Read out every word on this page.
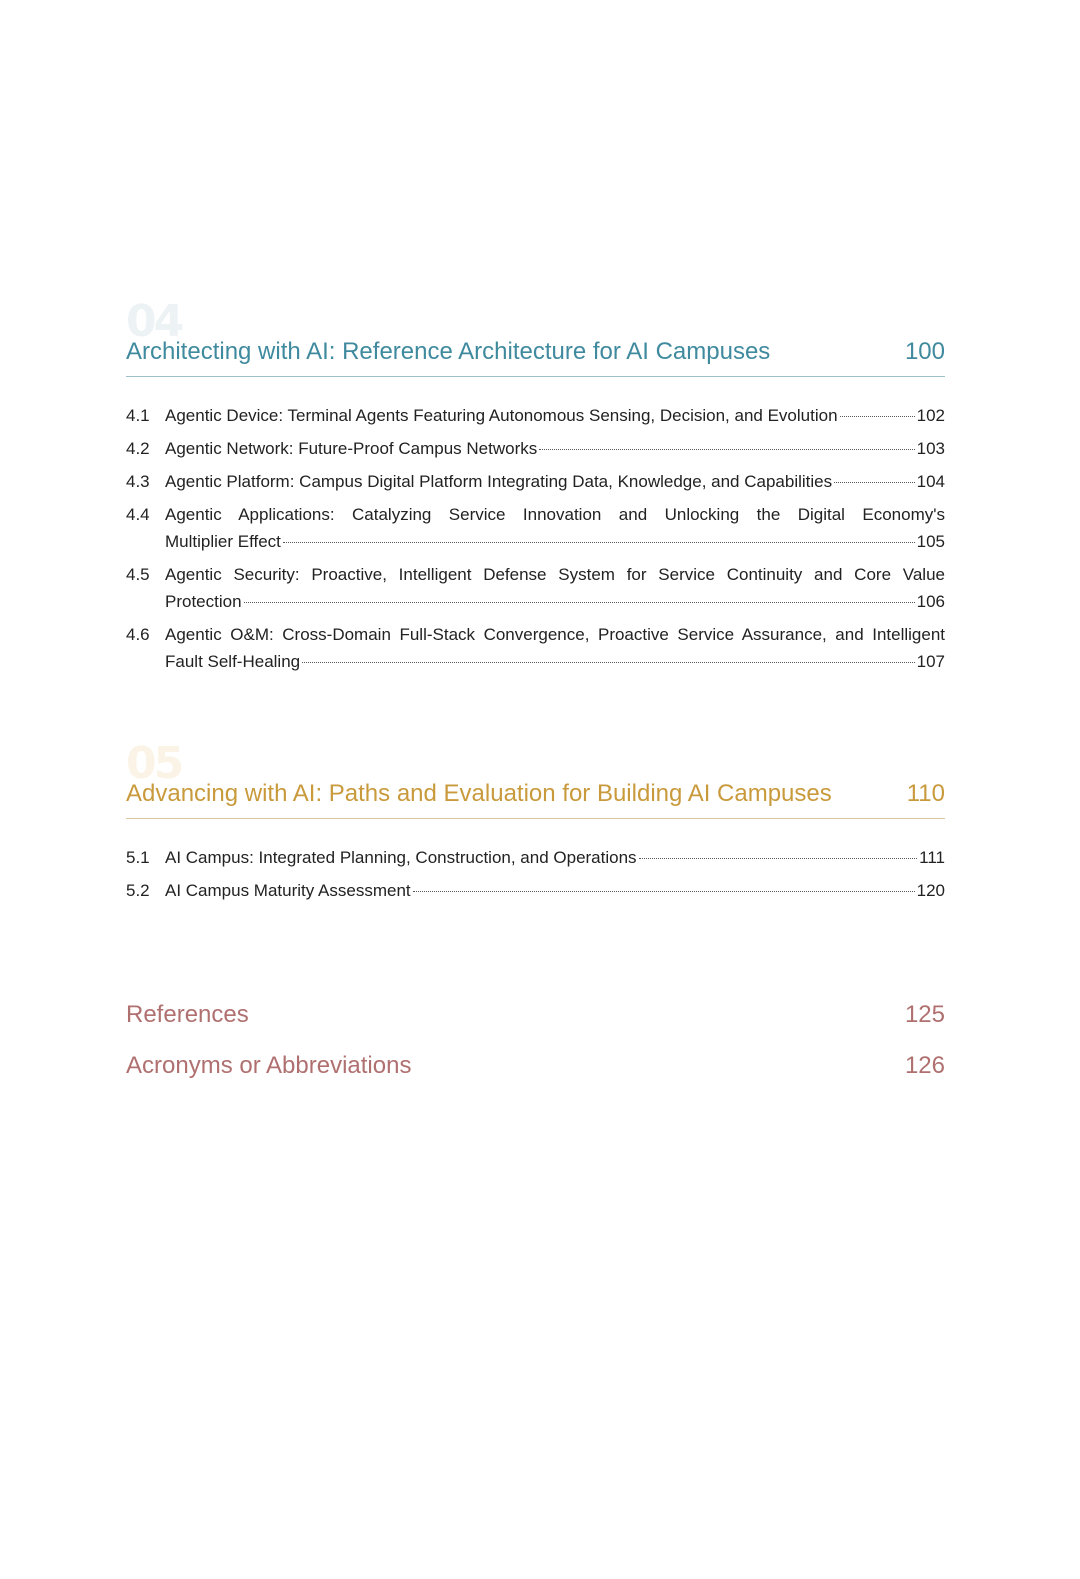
04
Architecting with AI: Reference Architecture for AI Campuses	100
4.1 Agentic Device: Terminal Agents Featuring Autonomous Sensing, Decision, and Evolution	102
4.2 Agentic Network: Future-Proof Campus Networks	103
4.3 Agentic Platform: Campus Digital Platform Integrating Data, Knowledge, and Capabilities	104
4.4 Agentic Applications: Catalyzing Service Innovation and Unlocking the Digital Economy's
Multiplier Effect	105
4.5 Agentic Security: Proactive, Intelligent Defense System for Service Continuity and Core Value
Protection	106
4.6 Agentic O&M: Cross-Domain Full-Stack Convergence, Proactive Service Assurance, and Intelligent
Fault Self-Healing	107
05
Advancing with AI: Paths and Evaluation for Building AI Campuses	110
5.1 AI Campus: Integrated Planning, Construction, and Operations	111
5.2 AI Campus Maturity Assessment	120
References	125
Acronyms or Abbreviations	126
